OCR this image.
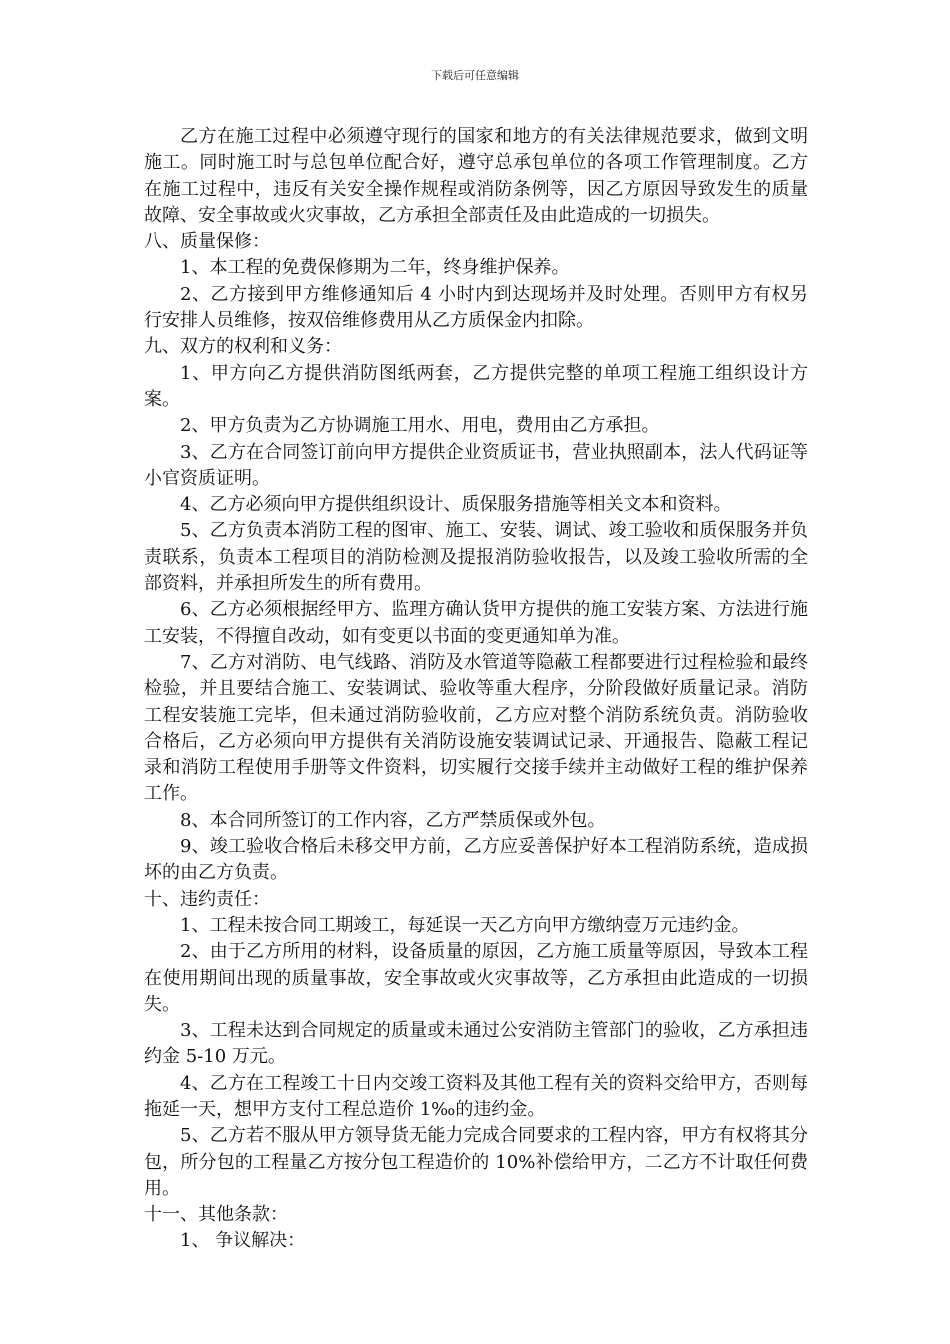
下载后可任意编辑

乙方在施工过程中必须遵守现行的国家和地方的有关法律规范要求，做到文明施工。同时施工时与总包单位配合好，遵守总承包单位的各项工作管理制度。乙方在施工过程中，违反有关安全操作规程或消防条例等，因乙方原因导致发生的质量故障、安全事故或火灾事故，乙方承担全部责任及由此造成的一切损失。

八、质量保修：

1、本工程的免费保修期为二年，终身维护保养。

2、乙方接到甲方维修通知后 4 小时内到达现场并及时处理。否则甲方有权另行安排人员维修，按双倍维修费用从乙方质保金内扣除。

九、双方的权利和义务：

1、甲方向乙方提供消防图纸两套，乙方提供完整的单项工程施工组织设计方案。

2、甲方负责为乙方协调施工用水、用电，费用由乙方承担。

3、乙方在合同签订前向甲方提供企业资质证书，营业执照副本，法人代码证等小官资质证明。

4、乙方必须向甲方提供组织设计、质保服务措施等相关文本和资料。

5、乙方负责本消防工程的图审、施工、安装、调试、竣工验收和质保服务并负责联系，负责本工程项目的消防检测及提报消防验收报告，以及竣工验收所需的全部资料，并承担所发生的所有费用。

6、乙方必须根据经甲方、监理方确认货甲方提供的施工安装方案、方法进行施工安装，不得擅自改动，如有变更以书面的变更通知单为准。

7、乙方对消防、电气线路、消防及水管道等隐蔽工程都要进行过程检验和最终检验，并且要结合施工、安装调试、验收等重大程序，分阶段做好质量记录。消防工程安装施工完毕，但未通过消防验收前，乙方应对整个消防系统负责。消防验收合格后，乙方必须向甲方提供有关消防设施安装调试记录、开通报告、隐蔽工程记录和消防工程使用手册等文件资料，切实履行交接手续并主动做好工程的维护保养工作。

8、本合同所签订的工作内容，乙方严禁质保或外包。

9、竣工验收合格后未移交甲方前，乙方应妥善保护好本工程消防系统，造成损坏的由乙方负责。

十、违约责任：

1、工程未按合同工期竣工，每延误一天乙方向甲方缴纳壹万元违约金。

2、由于乙方所用的材料，设备质量的原因，乙方施工质量等原因，导致本工程在使用期间出现的质量事故，安全事故或火灾事故等，乙方承担由此造成的一切损失。

3、工程未达到合同规定的质量或未通过公安消防主管部门的验收，乙方承担违约金 5-10 万元。

4、乙方在工程竣工十日内交竣工资料及其他工程有关的资料交给甲方，否则每拖延一天，想甲方支付工程总造价 1‰的违约金。

5、乙方若不服从甲方领导货无能力完成合同要求的工程内容，甲方有权将其分包，所分包的工程量乙方按分包工程造价的 10%补偿给甲方，二乙方不计取任何费用。

十一、其他条款：

1、 争议解决：
